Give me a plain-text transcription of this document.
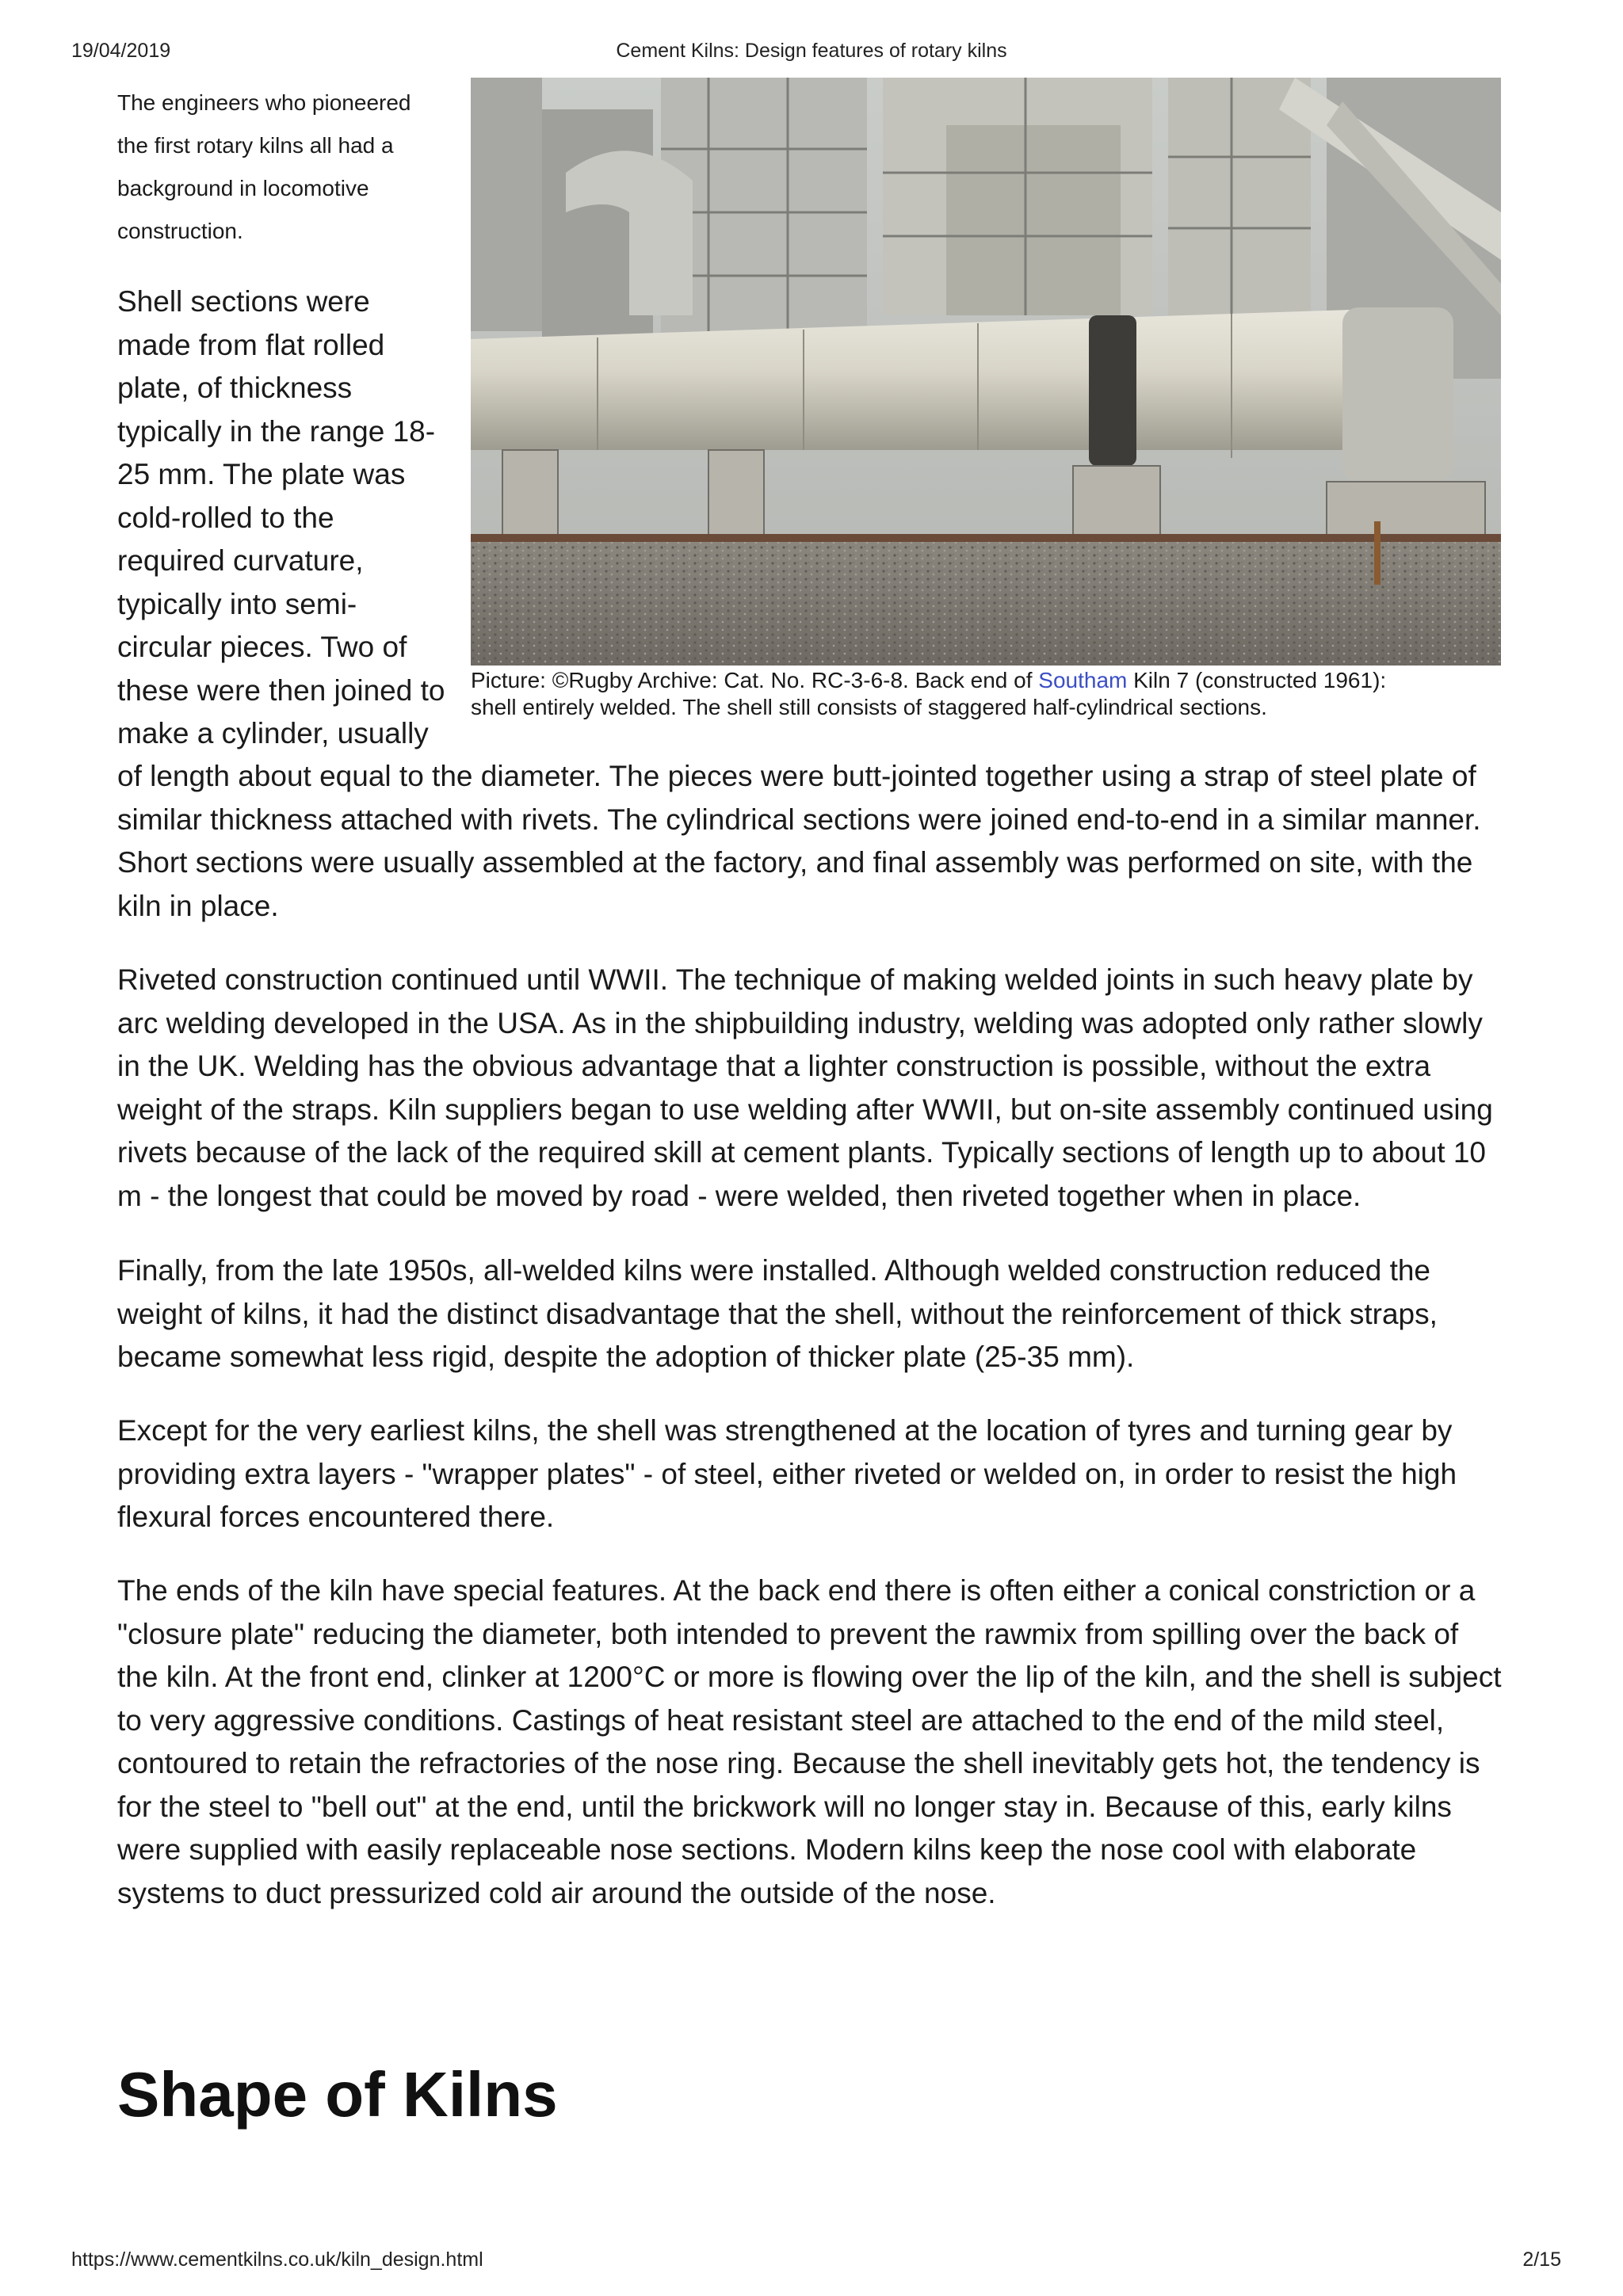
19/04/2019	Cement Kilns: Design features of rotary kilns

The engineers who pioneered
the first rotary kilns all had a
background in locomotive
construction.

Shell sections were
made from flat rolled
plate, of thickness
typically in the range 18-
25 mm. The plate was
cold-rolled to the
required curvature,
typically into semi-
circular pieces. Two of
these were then joined to
make a cylinder, usually

Picture: ©Rugby Archive: Cat. No. RC-3-6-8. Back end of Southam Kiln 7 (constructed 1961):
shell entirely welded. The shell still consists of staggered half-cylindrical sections.

of length about equal to the diameter. The pieces were butt-jointed together using a strap of steel plate of
similar thickness attached with rivets. The cylindrical sections were joined end-to-end in a similar manner.
Short sections were usually assembled at the factory, and final assembly was performed on site, with the
kiln in place.

Riveted construction continued until WWII. The technique of making welded joints in such heavy plate by
arc welding developed in the USA. As in the shipbuilding industry, welding was adopted only rather slowly
in the UK. Welding has the obvious advantage that a lighter construction is possible, without the extra
weight of the straps. Kiln suppliers began to use welding after WWII, but on-site assembly continued using
rivets because of the lack of the required skill at cement plants. Typically sections of length up to about 10
m - the longest that could be moved by road - were welded, then riveted together when in place.

Finally, from the late 1950s, all-welded kilns were installed. Although welded construction reduced the
weight of kilns, it had the distinct disadvantage that the shell, without the reinforcement of thick straps,
became somewhat less rigid, despite the adoption of thicker plate (25-35 mm).

Except for the very earliest kilns, the shell was strengthened at the location of tyres and turning gear by
providing extra layers - "wrapper plates" - of steel, either riveted or welded on, in order to resist the high
flexural forces encountered there.

The ends of the kiln have special features. At the back end there is often either a conical constriction or a
"closure plate" reducing the diameter, both intended to prevent the rawmix from spilling over the back of
the kiln. At the front end, clinker at 1200°C or more is flowing over the lip of the kiln, and the shell is subject
to very aggressive conditions. Castings of heat resistant steel are attached to the end of the mild steel,
contoured to retain the refractories of the nose ring. Because the shell inevitably gets hot, the tendency is
for the steel to "bell out" at the end, until the brickwork will no longer stay in. Because of this, early kilns
were supplied with easily replaceable nose sections. Modern kilns keep the nose cool with elaborate
systems to duct pressurized cold air around the outside of the nose.

Shape of Kilns
https://www.cementkilns.co.uk/kiln_design.html	2/15
